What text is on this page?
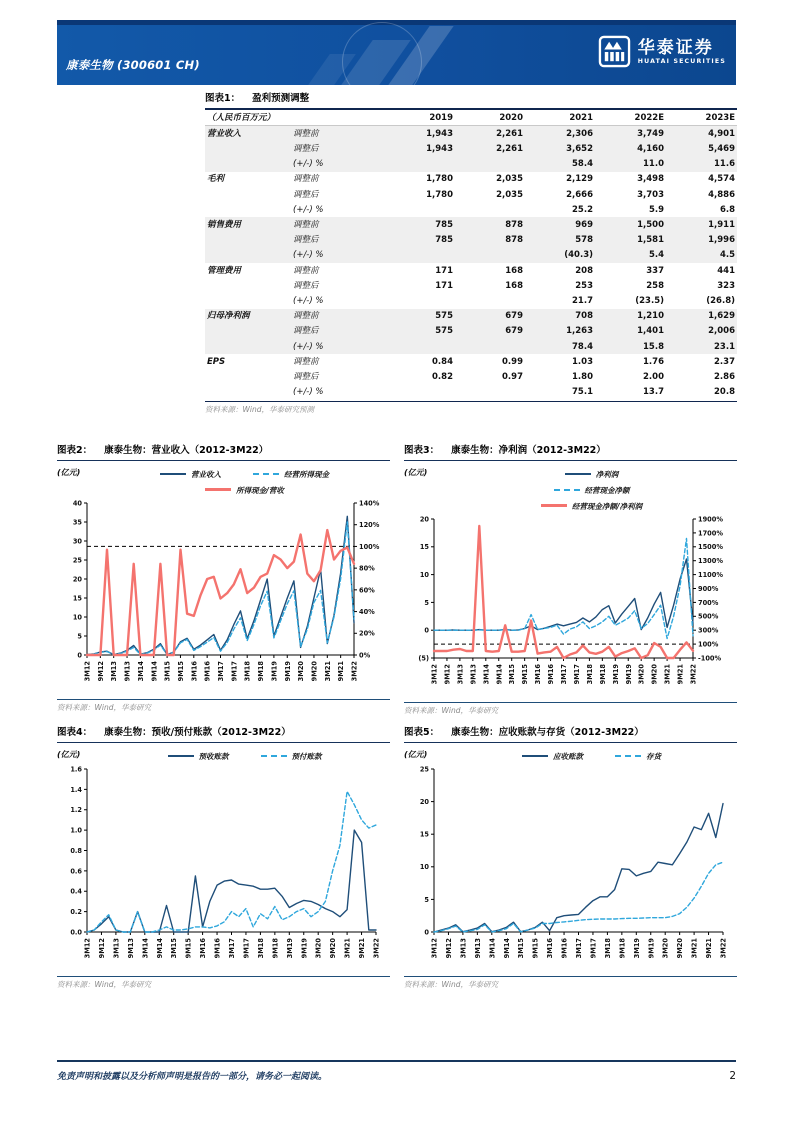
康泰生物 (300601 CH)
华泰证券
HUATAI SECURITIES
图表1： 盈利预测调整
（人民币百万元）		2019	2020	2021	2022E	2023E
营业收入	调整前	1,943	2,261	2,306	3,749	4,901
	调整后	1,943	2,261	3,652	4,160	5,469
	(+/-) %			58.4	11.0	11.6
毛利	调整前	1,780	2,035	2,129	3,498	4,574
	调整后	1,780	2,035	2,666	3,703	4,886
	(+/-) %			25.2	5.9	6.8
销售费用	调整前	785	878	969	1,500	1,911
	调整后	785	878	578	1,581	1,996
	(+/-) %			(40.3)	5.4	4.5
管理费用	调整前	171	168	208	337	441
	调整后	171	168	253	258	323
	(+/-) %			21.7	(23.5)	(26.8)
归母净利润	调整前	575	679	708	1,210	1,629
	调整后	575	679	1,263	1,401	2,006
	(+/-) %			78.4	15.8	23.1
EPS	调整前	0.84	0.99	1.03	1.76	2.37
	调整后	0.82	0.97	1.80	2.00	2.86
	(+/-) %			75.1	13.7	20.8
资料来源：Wind，华泰研究预测
图表2： 康泰生物：营业收入（2012-3M22）
(亿元)	营业收入	经营所得现金
所得现金/营收
0
5
10
15
20
25
30
35
40
0%
20%
40%
60%
80%
100%
120%
140%
3M12 9M12 3M13 9M13 3M14 9M14 3M15 9M15 3M16 9M16 3M17 9M17 3M18 9M18 3M19 9M19 3M20 9M20 3M21 9M21 3M22
资料来源：Wind，华泰研究
图表3： 康泰生物：净利润（2012-3M22）
(亿元)	净利润
经营现金净额
经营现金净额/净利润
(5)
0
5
10
15
20
-100%
100%
300%
500%
700%
900%
1100%
1300%
1500%
1700%
1900%
3M12 9M12 3M13 9M13 3M14 9M14 3M15 9M15 3M16 9M16 3M17 9M17 3M18 9M18 3M19 9M19 3M20 9M20 3M21 9M21 3M22
资料来源：Wind，华泰研究
图表4： 康泰生物：预收/预付账款（2012-3M22）
(亿元)	预收账款	预付账款
0.0
0.2
0.4
0.6
0.8
1.0
1.2
1.4
1.6
3M12 9M12 3M13 9M13 3M14 9M14 3M15 9M15 3M16 9M16 3M17 9M17 3M18 9M18 3M19 9M19 3M20 9M20 3M21 9M21 3M22
资料来源：Wind，华泰研究
图表5： 康泰生物：应收账款与存货（2012-3M22）
(亿元)	应收账款	存货
0
5
10
15
20
25
3M12 9M12 3M13 9M13 3M14 9M14 3M15 9M15 3M16 9M16 3M17 9M17 3M18 9M18 3M19 9M19 3M20 9M20 3M21 9M21 3M22
资料来源：Wind，华泰研究
免责声明和披露以及分析师声明是报告的一部分，请务必一起阅读。	2
